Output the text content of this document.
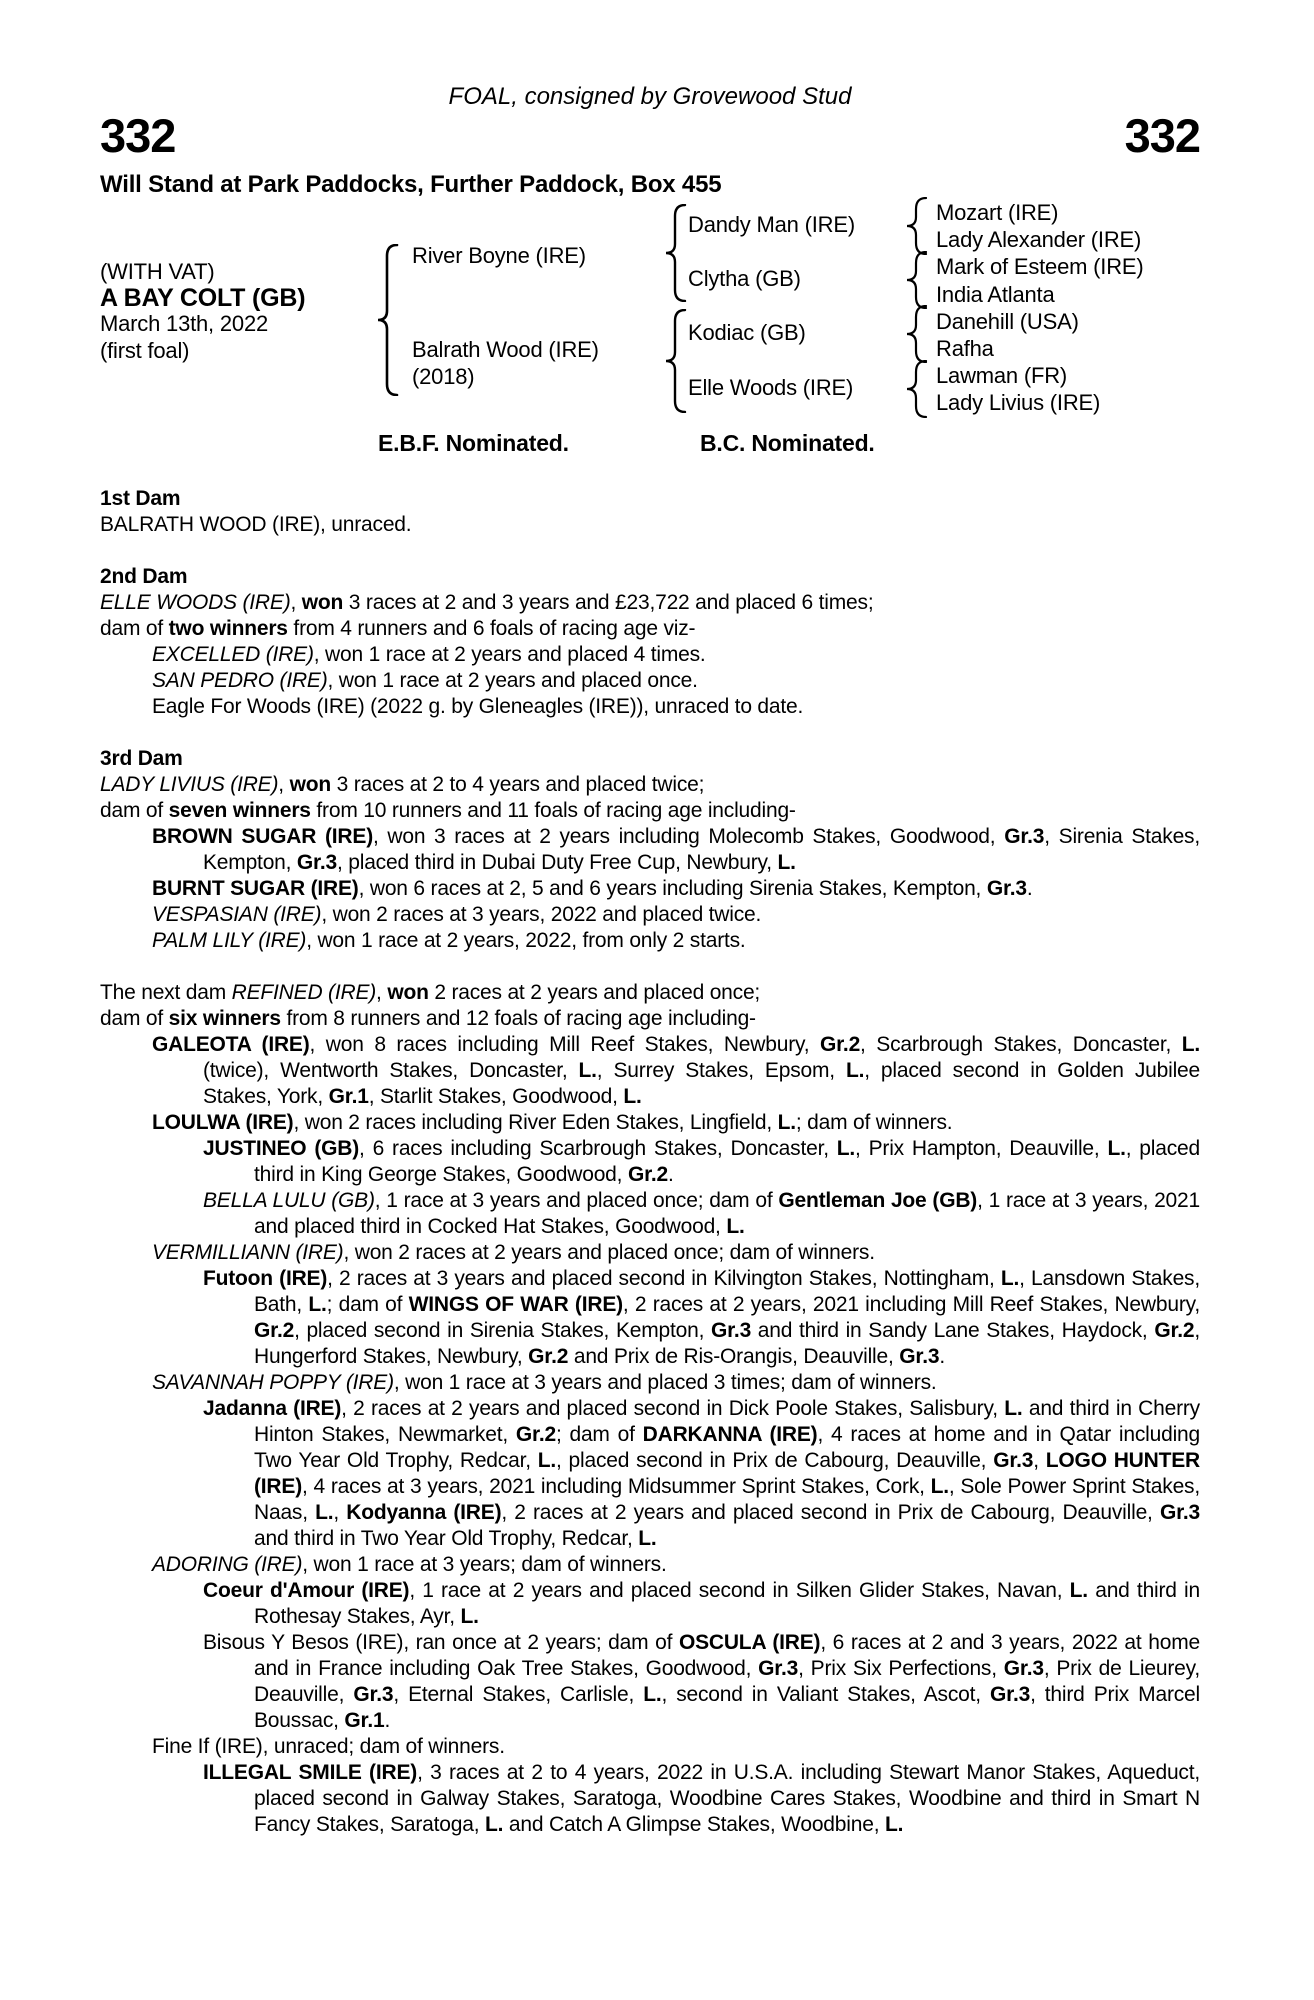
FOAL, consigned by Grovewood Stud
332	332
Will Stand at Park Paddocks, Further Paddock, Box 455
(WITH VAT)
A BAY COLT (GB)
March 13th, 2022
(first foal)
River Boyne (IRE)
Balrath Wood (IRE)
(2018)
Dandy Man (IRE)
Clytha (GB)
Kodiac (GB)
Elle Woods (IRE)
Mozart (IRE)
Lady Alexander (IRE)
Mark of Esteem (IRE)
India Atlanta
Danehill (USA)
Rafha
Lawman (FR)
Lady Livius (IRE)
E.B.F. Nominated.	B.C. Nominated.
1st Dam
BALRATH WOOD (IRE), unraced.
2nd Dam
ELLE WOODS (IRE), won 3 races at 2 and 3 years and £23,722 and placed 6 times;
dam of two winners from 4 runners and 6 foals of racing age viz-
EXCELLED (IRE), won 1 race at 2 years and placed 4 times.
SAN PEDRO (IRE), won 1 race at 2 years and placed once.
Eagle For Woods (IRE) (2022 g. by Gleneagles (IRE)), unraced to date.
3rd Dam
LADY LIVIUS (IRE), won 3 races at 2 to 4 years and placed twice;
dam of seven winners from 10 runners and 11 foals of racing age including-
BROWN SUGAR (IRE), won 3 races at 2 years including Molecomb Stakes, Goodwood, Gr.3, Sirenia Stakes, Kempton, Gr.3, placed third in Dubai Duty Free Cup, Newbury, L.
BURNT SUGAR (IRE), won 6 races at 2, 5 and 6 years including Sirenia Stakes, Kempton, Gr.3.
VESPASIAN (IRE), won 2 races at 3 years, 2022 and placed twice.
PALM LILY (IRE), won 1 race at 2 years, 2022, from only 2 starts.
The next dam REFINED (IRE), won 2 races at 2 years and placed once;
dam of six winners from 8 runners and 12 foals of racing age including-
GALEOTA (IRE), won 8 races including Mill Reef Stakes, Newbury, Gr.2, Scarbrough Stakes, Doncaster, L. (twice), Wentworth Stakes, Doncaster, L., Surrey Stakes, Epsom, L., placed second in Golden Jubilee Stakes, York, Gr.1, Starlit Stakes, Goodwood, L.
LOULWA (IRE), won 2 races including River Eden Stakes, Lingfield, L.; dam of winners.
JUSTINEO (GB), 6 races including Scarbrough Stakes, Doncaster, L., Prix Hampton, Deauville, L., placed third in King George Stakes, Goodwood, Gr.2.
BELLA LULU (GB), 1 race at 3 years and placed once; dam of Gentleman Joe (GB), 1 race at 3 years, 2021 and placed third in Cocked Hat Stakes, Goodwood, L.
VERMILLIANN (IRE), won 2 races at 2 years and placed once; dam of winners.
Futoon (IRE), 2 races at 3 years and placed second in Kilvington Stakes, Nottingham, L., Lansdown Stakes, Bath, L.; dam of WINGS OF WAR (IRE), 2 races at 2 years, 2021 including Mill Reef Stakes, Newbury, Gr.2, placed second in Sirenia Stakes, Kempton, Gr.3 and third in Sandy Lane Stakes, Haydock, Gr.2, Hungerford Stakes, Newbury, Gr.2 and Prix de Ris-Orangis, Deauville, Gr.3.
SAVANNAH POPPY (IRE), won 1 race at 3 years and placed 3 times; dam of winners.
Jadanna (IRE), 2 races at 2 years and placed second in Dick Poole Stakes, Salisbury, L. and third in Cherry Hinton Stakes, Newmarket, Gr.2; dam of DARKANNA (IRE), 4 races at home and in Qatar including Two Year Old Trophy, Redcar, L., placed second in Prix de Cabourg, Deauville, Gr.3, LOGO HUNTER (IRE), 4 races at 3 years, 2021 including Midsummer Sprint Stakes, Cork, L., Sole Power Sprint Stakes, Naas, L., Kodyanna (IRE), 2 races at 2 years and placed second in Prix de Cabourg, Deauville, Gr.3 and third in Two Year Old Trophy, Redcar, L.
ADORING (IRE), won 1 race at 3 years; dam of winners.
Coeur d'Amour (IRE), 1 race at 2 years and placed second in Silken Glider Stakes, Navan, L. and third in Rothesay Stakes, Ayr, L.
Bisous Y Besos (IRE), ran once at 2 years; dam of OSCULA (IRE), 6 races at 2 and 3 years, 2022 at home and in France including Oak Tree Stakes, Goodwood, Gr.3, Prix Six Perfections, Gr.3, Prix de Lieurey, Deauville, Gr.3, Eternal Stakes, Carlisle, L., second in Valiant Stakes, Ascot, Gr.3, third Prix Marcel Boussac, Gr.1.
Fine If (IRE), unraced; dam of winners.
ILLEGAL SMILE (IRE), 3 races at 2 to 4 years, 2022 in U.S.A. including Stewart Manor Stakes, Aqueduct, placed second in Galway Stakes, Saratoga, Woodbine Cares Stakes, Woodbine and third in Smart N Fancy Stakes, Saratoga, L. and Catch A Glimpse Stakes, Woodbine, L.
